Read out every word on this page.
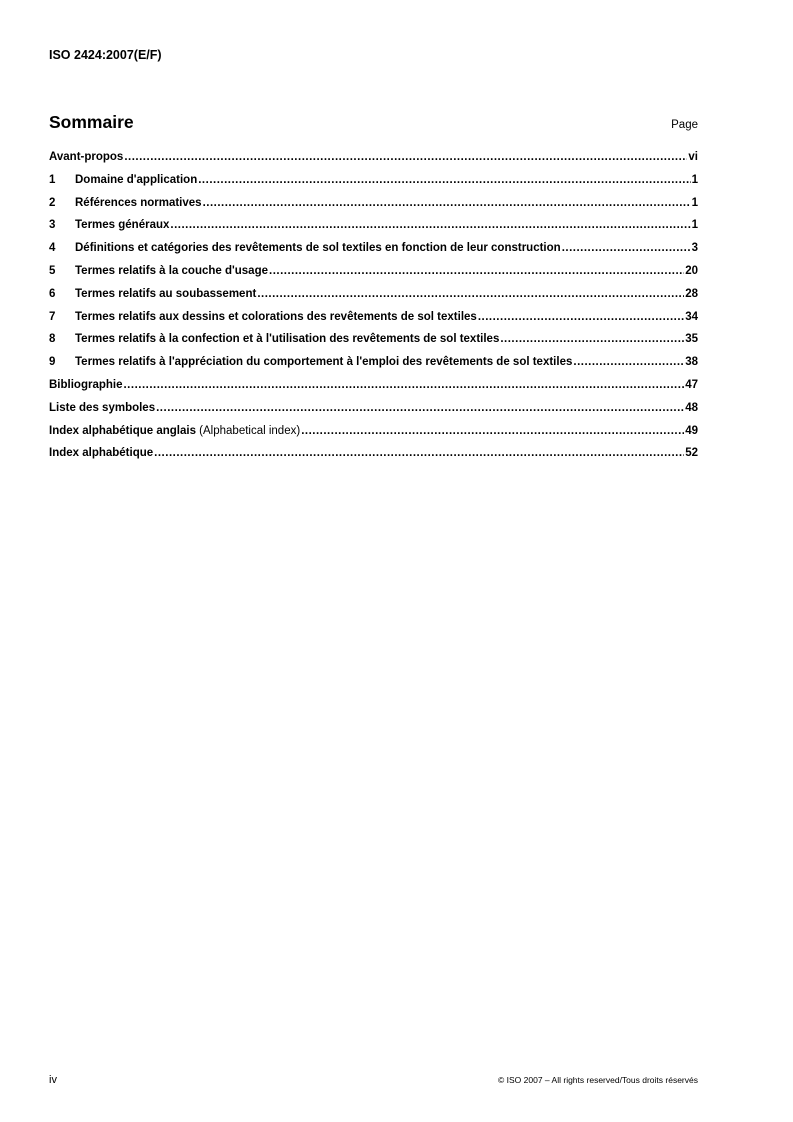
ISO 2424:2007(E/F)
Sommaire	Page
Avant-propos .....	vi
1	Domaine d'application .....	1
2	Références normatives .....	1
3	Termes généraux .....	1
4	Définitions et catégories des revêtements de sol textiles en fonction de leur construction .....	3
5	Termes relatifs à la couche d'usage .....	20
6	Termes relatifs au soubassement .....	28
7	Termes relatifs aux dessins et colorations des revêtements de sol textiles .....	34
8	Termes relatifs à la confection et à l'utilisation des revêtements de sol textiles .....	35
9	Termes relatifs à l'appréciation du comportement à l'emploi des revêtements de sol textiles .....	38
Bibliographie .....	47
Liste des symboles .....	48
Index alphabétique anglais (Alphabetical index) .....	49
Index alphabétique .....	52
iv	© ISO 2007 – All rights reserved/Tous droits réservés
